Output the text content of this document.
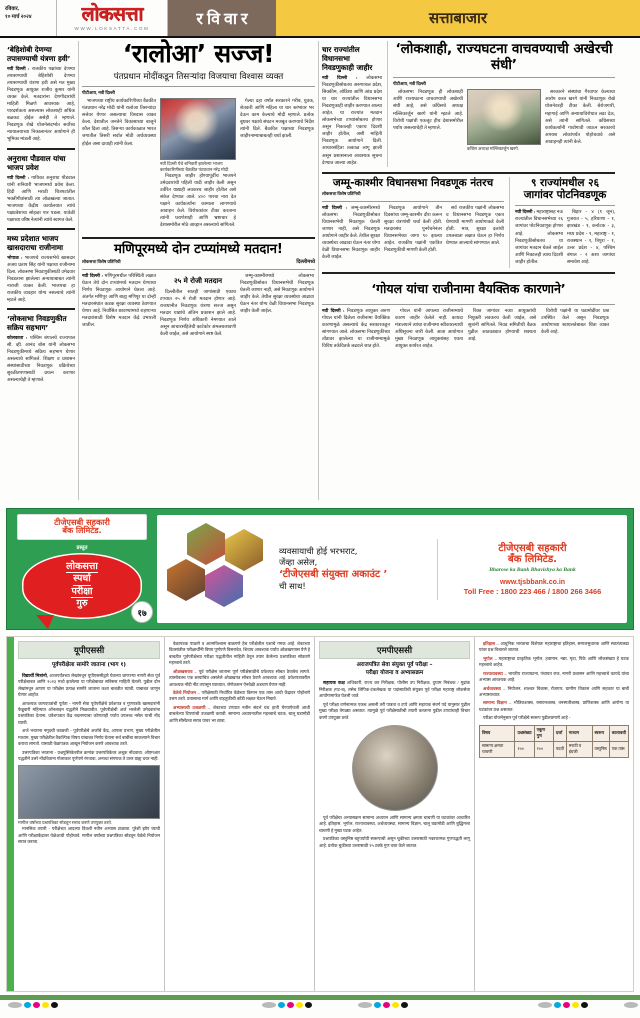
रविवार,
१० मार्च २०२४	लोकसत्ता
WWW.LOKSATTA.COM
र वि वा र	सत्ताबाजार
‘बेहिशोबी देणग्या तपासण्याची यंत्रणा हवी’
नवी दिल्ली : राजकीय पक्षांच्या देणग्या तपासण्याची बेहिशोबी देणग्या तपासण्याची यंत्रणा हवी असे मत मुख्य निवडणूक आयुक्त राजीव कुमार यांनी व्यक्त केले. मतदारांना देणगीदारांची माहिती मिळणे आवश्यक आहे, पारदर्शकता असल्यास लोकशाही अधिक बळकट होईल असेही ते म्हणाले. निवडणूक रोखे योजनेसंदर्भात सर्वोच्च न्यायालयाच्या निकालानंतर आयोगाने ही भूमिका मांडली आहे.
अनुराधा पौडवाल यांचा भाजप प्रवेश
नवी दिल्ली : गायिका अनुराधा पौडवाल यांनी शनिवारी भाजपमध्ये प्रवेश केला. हिंदी आणि मराठी चित्रपटांतील भक्तीगीतांसाठी त्या ओळखल्या जातात. भाजपच्या केंद्रीय कार्यालयात त्यांचे पक्षप्रवेशाचा सोहळा पार पडला. यावेळी पक्षाच्या वरिष्ठ नेत्यांनी त्यांचे स्वागत केले.
मध्य प्रदेशात भाजप खासदाराचा राजीनामा
भोपाळ : भाजपचे राज्यसभेचे खासदार अजय प्रताप सिंह यांनी पक्षाचा राजीनामा दिला. लोकसभा निवडणुकीसाठी उमेदवार निवडताना झालेल्या अन्यायाबाबत त्यांनी नाराजी व्यक्त केली. भाजपचा हा राजकीय व्यवहार योग्य नसल्याचे त्यांनी म्हटले आहे.
‘लोकसभा निवडणुकीत सक्रिय सहभाग’
कोलकाता : पश्चिम बंगालचे राज्यपाल सी. व्ही. आनंद बोस यांनी लोकसभा निवडणुकीमध्ये सक्रिय सहभाग घेणार असल्याचे सांगितले. शिक्षण व प्रशासन संस्थांसाठीच्या निवडणूक प्रक्रियेच्या सुरळीतपणासाठी प्रयत्न करणार असल्याचेही ते म्हणाले.
‘रालोआ’ सज्ज!
पंतप्रधान मोदींकडून तिसऱ्यांदा विजयाचा विश्वास व्यक्त
पीटीआय, नवी दिल्ली

भाजपच्या राष्ट्रीय कार्यकारिणीच्या बैठकीत पंतप्रधान नरेंद्र मोदी यांनी रालोआ तिसऱ्यांदा सत्तेवर येणार असल्याचा विश्वास व्यक्त केला. देशातील जनतेने विकासाच्या बाजूने कौल दिला आहे. तिसऱ्या कार्यकाळात भारत जगातील तिसरी सर्वात मोठी अर्थव्यवस्था होईल असा दावाही त्यांनी केला.

नवी दिल्ली येथे शनिवारी झालेल्या भाजप कार्यकारिणीच्या बैठकीत पंतप्रधान नरेंद्र मोदी.

निवडणूक जाहीर होण्यापूर्वीच भाजपने उमेदवारांची पहिली यादी जाहीर केली असून उर्वरित याद्याही लवकरच जाहीर होतील असे संकेत देण्यात आले. ४०० पारचा नारा देत पक्षाने कार्यकर्त्यांना कामाला लागण्याचे आवाहन केले. विरोधकांवर टीका करताना त्यांनी घराणेशाही आणि भ्रष्टाचार हे देशासमोरील मोठे आव्हान असल्याचे सांगितले.

गेल्या दहा वर्षांत सरकारने गरीब, युवक, शेतकरी आणि महिला या चार स्तंभांवर भर देऊन काम केल्याचे मोदी म्हणाले. प्रत्येक बूथवर पक्षाचे संघटन मजबूत करण्याचे निर्देश त्यांनी दिले. बैठकीत पक्षाच्या निवडणूक जाहीरनाम्याबाबतही चर्चा झाली.

मणिपूरमध्ये दोन टप्प्यांमध्ये मतदान!
लोकसत्ता विशेष प्रतिनिधी	दिल्लीमध्ये
नवी दिल्ली : मणिपूरमधील परिस्थिती लक्षात घेऊन तेथे दोन टप्प्यांमध्ये मतदान घेण्याचा निर्णय निवडणूक आयोगाने घेतला आहे. अंतर्गत मणिपूर आणि बाह्य मणिपूर या दोन्ही मतदारसंघांत कडक सुरक्षा व्यवस्था ठेवण्यात येणार आहे. निर्वासित छावण्यांमध्ये राहणाऱ्या मतदारांसाठी विशेष मतदान केंद्रे उभारली जातील.
२५ मे रोजी मतदान

दिल्लीतील सातही जागांसाठी एकाच टप्प्यात २५ मे रोजी मतदान होणार आहे. राजधानीत निवडणूक यंत्रणा सज्ज असून मतदार याद्यांचे अंतिम प्रकाशन झाले आहे. निवडणूक निर्णय अधिकारी नेमण्यात आले असून आचारसंहितेची काटेकोर अंमलबजावणी केली जाईल, असे आयोगाने स्पष्ट केले.

जम्मू-काश्मीरमध्ये लोकसभा निवडणुकीसोबत विधानसभेची निवडणूक घेतली जाणार नाही, असे निवडणूक आयोगाने जाहीर केले. तेथील सुरक्षा व्यवस्थेचा आढावा घेऊन नंतर योग्य वेळी विधानसभा निवडणूक जाहीर केली जाईल.

चार राज्यांतील विधानसभा निवडणुकाही जाहीर
नवी दिल्ली : लोकसभा निवडणुकीसोबतच अरुणाचल प्रदेश, सिक्कीम, ओडिशा आणि आंध्र प्रदेश या चार राज्यांतील विधानसभा निवडणुकाही जाहीर करण्यात आल्या आहेत. या राज्यांत मतदान लोकसभेच्या टप्प्यांसोबतच होणार असून निकालही एकाच दिवशी जाहीर होतील, अशी माहिती निवडणूक आयोगाने दिली. आचारसंहिता तत्काळ लागू झाली असून प्रशासनाला आवश्यक सूचना देण्यात आल्या आहेत.
‘लोकशाही, राज्यघटना वाचवण्याची अखेरची संधी’
पीटीआय, नवी दिल्ली

लोकसभा निवडणूक ही लोकशाही आणि राज्यघटना वाचवण्याची अखेरची संधी आहे, असे काँग्रेसचे अध्यक्ष मल्लिकार्जुन खरगे यांनी म्हटले आहे. विरोधी पक्षांची एकजूट हीच देशासमोरील पर्याय असल्याचेही ते म्हणाले.

काँग्रेस अध्यक्ष मल्लिकार्जुन खरगे.

सरकारने संस्थांचा गैरवापर केल्याचा आरोप करत खरगे यांनी निवडणूक रोखे योजनेवरही टीका केली. बेरोजगारी, महागाई आणि अन्यायाविरोधात लढा देऊ, असे त्यांनी सांगितले. काँग्रेसच्या कार्यकर्त्यांनी गावोगावी जाऊन सरकारचे अपयश लोकांपर्यंत पोहोचवावे असे आवाहनही त्यांनी केले.

जम्मू-काश्मीर विधानसभा निवडणूक नंतरच
लोकसत्ता विशेष प्रतिनिधी
नवी दिल्ली : जम्मू-काश्मीरमध्ये लोकसभा निवडणुकीसोबत विधानसभेची निवडणूक घेतली जाणार नाही, असे निवडणूक आयोगाने जाहीर केले. तेथील सुरक्षा व्यवस्थेचा आढावा घेऊन नंतर योग्य वेळी विधानसभा निवडणूक जाहीर केली जाईल.

निवडणूक आयोगाने तीन दिवसांचा जम्मू-काश्मीर दौरा करून सुरक्षा यंत्रणांशी चर्चा केली होती. मतदारसंघ पुनर्रचनेनंतर विधानसभेच्या जागा ९० झाल्या आहेत. राजकीय पक्षांनी एकत्रित निवडणुकीची मागणी केली होती.

सर्व राजकीय पक्षांनी लोकसभा व विधानसभा निवडणूक एकत्र घेण्याची मागणी आयोगाकडे केली होती. मात्र, सुरक्षा दलांची उपलब्धता लक्षात घेऊन हा निर्णय घेण्यात आल्याचे सांगण्यात आले.

९ राज्यांमधील २६ जागांवर पोटनिवडणूक
नवी दिल्ली : महाराष्ट्रासह नऊ राज्यांतील विधानसभेच्या २६ जागांवर पोटनिवडणूक होणार आहे. लोकसभा निवडणुकीसोबतच या जागांवर मतदान घेतले जाईल आणि निकालही त्याच दिवशी जाहीर होतील.

बिहार - ४ (१ जून), गुजरात - ५, हरियाणा - १, झारखंड - १, कर्नाटक - ३, मध्य प्रदेश - १, महाराष्ट्र - १, राजस्थान - १, त्रिपुरा - १, उत्तर प्रदेश - ४, पश्चिम बंगाल - २ अशा जागांचा समावेश आहे.

‘गोयल यांचा राजीनामा वैयक्तिक कारणाने’
नवी दिल्ली : निवडणूक आयुक्त अरुण गोयल यांनी दिलेला राजीनामा वैयक्तिक कारणामुळे असल्याचे केंद्र सरकारकडून सांगण्यात आले. लोकसभा निवडणुकीच्या तोंडावर झालेल्या या राजीनाम्यामुळे विविध तर्कवितर्क लढवले जात होते.

गोयल यांनी आपल्या राजीनाम्याचे कारण जाहीर केलेले नाही. कायदा मंत्रालयाने त्यांचा राजीनामा स्वीकारल्याची अधिसूचना जारी केली. आता आयोगात मुख्य निवडणूक आयुक्तांसह एकच आयुक्त कार्यरत आहेत.

रिक्त जागांवर नव्या आयुक्तांची नियुक्ती लवकरच केली जाईल, असे सूत्रांनी सांगितले. निवड समितीची बैठक पुढील आठवड्यात होण्याची शक्यता आहे.

विरोधी पक्षांनी या घडामोडींवर प्रश्न उपस्थित केले असून निवडणूक आयोगाच्या स्वायत्ततेबाबत चिंता व्यक्त केली आहे.

टीजेएसबी सहकारी
बँक लिमिटेड.
प्रस्तुत
लोकसत्ता
स्पर्धा
परीक्षा
गुरु
१७
व्यवसायाची होई भरभराट,
जेंव्हा असेल,
‘टीजेएसबी संयुक्ता अकाउंट ’
ची साथ!
टीजेएसबी सहकारी
बँक लिमिटेड.
Bharose ka Bank Bhavishya ka Bank
www.tjsbbank.co.in
Toll Free : 1800 223 466 / 1800 266 3466
यूपीएससी
पूर्वपरीक्षेला सामोरे जाताना (भाग १)

विद्यार्थी मित्रांनो, आजपर्यंतच्या लेखांमधून यूपीएससीद्वारे घेतल्या जाणाऱ्या नागरी सेवा पूर्व परीक्षेबाबत आणि २०२३ मध्ये झालेल्या या परीक्षेबाबत सविस्तर माहिती घेतली. पुढील दोन लेखांमधून आपण या परीक्षेस प्रत्यक्ष सामोरे जाताना कशा बाबतीत घ्यावी, याबाबत जाणून घेणार आहोत.

आवश्यक कागदपत्रांची पूर्तता - नागरी सेवा पूर्वपरीक्षेचे प्रवेशपत्र व गुणपत्रके खासदारांनी फेब्रुवारी महिन्यात ऑनलाइन पद्धतीने मिळवावीत. पूर्वपरीक्षेची अर्ज भरलेली उमेदवारांना प्रश्नपत्रिका देताना, प्रवेशपत्रात केंद्र बदलण्याचा कोणताही पर्याय उपलब्ध नसेल याची नोंद घ्यावी.

अर्ज भरताना नमूदची काळजी - पूर्वपरीक्षेचे अर्जाचे केंद्र, आपला प्रभाग, मुख्य परीक्षेतील माध्यम, मुख्य परीक्षेतील वैकल्पिक विषय यांबाबत निर्णय घेताना सर्व बाबींचा साकल्याने विचार करावा लागतो. यासाठी वेळापत्रक आखून नियोजन करणे आवश्यक ठरते.

उत्तरपत्रिका भरताना - प्रश्नपुस्तिकेवरील क्रमांक उत्तरपत्रिकेवर अचूक नोंदवावा. ओएमआर पद्धतीने उत्तरे नोंदविताना गोलाकार पूर्णपणे रंगवावा, अन्यथा संगणक ते उत्तर ग्राह्य धरत नाही.

मागील वर्षांच्या प्रश्नपत्रिका सोडवून सराव करणे उपयुक्त ठरते.

मानसिक तयारी - परीक्षेच्या आदल्या दिवशी नवीन अभ्यास टाळावा. पुरेशी झोप घ्यावी आणि परीक्षाकेंद्रावर वेळेआधी पोहोचावे. मागील वर्षांच्या प्रश्नपत्रिका सोडवून वेळेचे नियोजन सराव करावा.

वेळापत्रक पाळणे व आत्मविश्वास बाळगणे हेच परीक्षेतील यशाचे गमक आहे. शेवटच्या दिवसांतील परीक्षार्थींनी विषय पूर्णपणे विसरावेत, शिवाय आवश्यक पर्याय ओळखण्यास येणे हे बाबतीत पूर्वपरीक्षेच्या परीक्षा पद्धतीतील माहिती ठेवून तयार केलेल्या प्रश्नपत्रिका सोडवणे महत्त्वाचे ठरते.

ओळखसराव – पूर्व परीक्षेस जाताना पूर्ण परीक्षेसाठीचे प्रवेशपत्र सोबत ठेवावेच लागते. त्यासोबतच एक छायाचित्र असलेले ओळखपत्र सोबत ठेवणे आवश्यक आहे. प्रवेशपत्रावरील आवश्यक नोंदी नीट तपासून घ्याव्यात, जेणेकरून ऐनवेळी अडचण येणार नाही.

वेळेचे नियोजन – परीक्षेसाठी निर्धारित वेळेच्या किमान एक तास आधी केंद्रावर पोहोचणे उत्तम ठरते. प्रवासाचा मार्ग आणि वाहतुकीची कोंडी लक्षात घेऊन निघावे.

अभ्यासाची उजळणी – शेवटच्या टप्प्यात नवीन संदर्भ ग्रंथ हाती घेण्याऐवजी आधी वाचलेल्या टिपणांची उजळणी करावी. सामान्य अध्ययनातील महत्त्वाचे घटक, चालू घडामोडी आणि सीसॅटचा सराव यावर भर द्यावा.

एमपीएससी
अराजपत्रित सेवा संयुक्त पूर्व परीक्षा –
परीक्षा योजना व अभ्यासक्रम

सहायक कक्ष अधिकारी, राज्य कर निरीक्षक, पोलीस उप निरीक्षक, दुय्यम निबंधक / मुद्रांक निरीक्षक (गट-ब), तसेच लिपिक-टंकलेखक या पदांसाठीची संयुक्त पूर्व परीक्षा महाराष्ट्र लोकसेवा आयोगामार्फत घेतली जाते.

पूर्व परीक्षा वर्णनात्मक एकच असली तरी पात्रता व टप्पे आणि सहायक संवर्ग पदे यानुसार पुढील मुख्य परीक्षा वेगळ्या असतात. त्यामुळे पूर्व परीक्षेसाठीची तयारी करताना पुढील टप्प्यांचाही विचार करणे उपयुक्त ठरते.

पूर्व परीक्षेचा अभ्यासक्रम सामान्य अध्ययन आणि सामान्य क्षमता चाचणी या घटकांवर आधारित आहे. इतिहास, भूगोल, राज्यव्यवस्था, अर्थव्यवस्था, सामान्य विज्ञान, चालू घडामोडी आणि बुद्धिमत्ता चाचणी हे मुख्य घटक आहेत.

प्रश्नपत्रिका वस्तुनिष्ठ बहुपर्यायी स्वरूपाची असून चुकीच्या उत्तरासाठी नकारात्मक गुणपद्धती लागू आहे. प्रत्येक चुकीच्या उत्तरासाठी २५ टक्के गुण वजा केले जातात.

इतिहास – आधुनिक भारताचा विशेषतः महाराष्ट्राचा इतिहास, समाजसुधारक आणि स्वातंत्र्यलढा यांवर प्रश्न विचारले जातात.

भूगोल – महाराष्ट्राचा प्राकृतिक भूगोल, हवामान, नद्या, मृदा, पिके आणि लोकसंख्या हे घटक महत्त्वाचे आहेत.

राज्यव्यवस्था – भारतीय राज्यघटना, पंचायत राज, नागरी प्रशासन आणि महत्त्वाचे कायदे यांचा अभ्यास आवश्यक आहे.

अर्थव्यवस्था – नियोजन, शाश्वत विकास, रोजगार, ग्रामीण विकास आणि सहकार या बाबी अभ्यासाव्यात.

सामान्य विज्ञान – भौतिकशास्त्र, रसायनशास्त्र, वनस्पतीशास्त्र, प्राणिशास्त्र आणि आरोग्य या घटकांवर प्रश्न असतात.

परीक्षा योजनेनुसार पूर्व परीक्षेचे स्वरूप पुढीलप्रमाणे आहे -

विषय	प्रश्नसंख्या	एकूण गुण	दर्जा	माध्यम	स्वरूप	कालावधी
सामान्य क्षमता चाचणी	१००	१००	पदवी	मराठी व इंग्रजी	वस्तुनिष्ठ	एक तास
